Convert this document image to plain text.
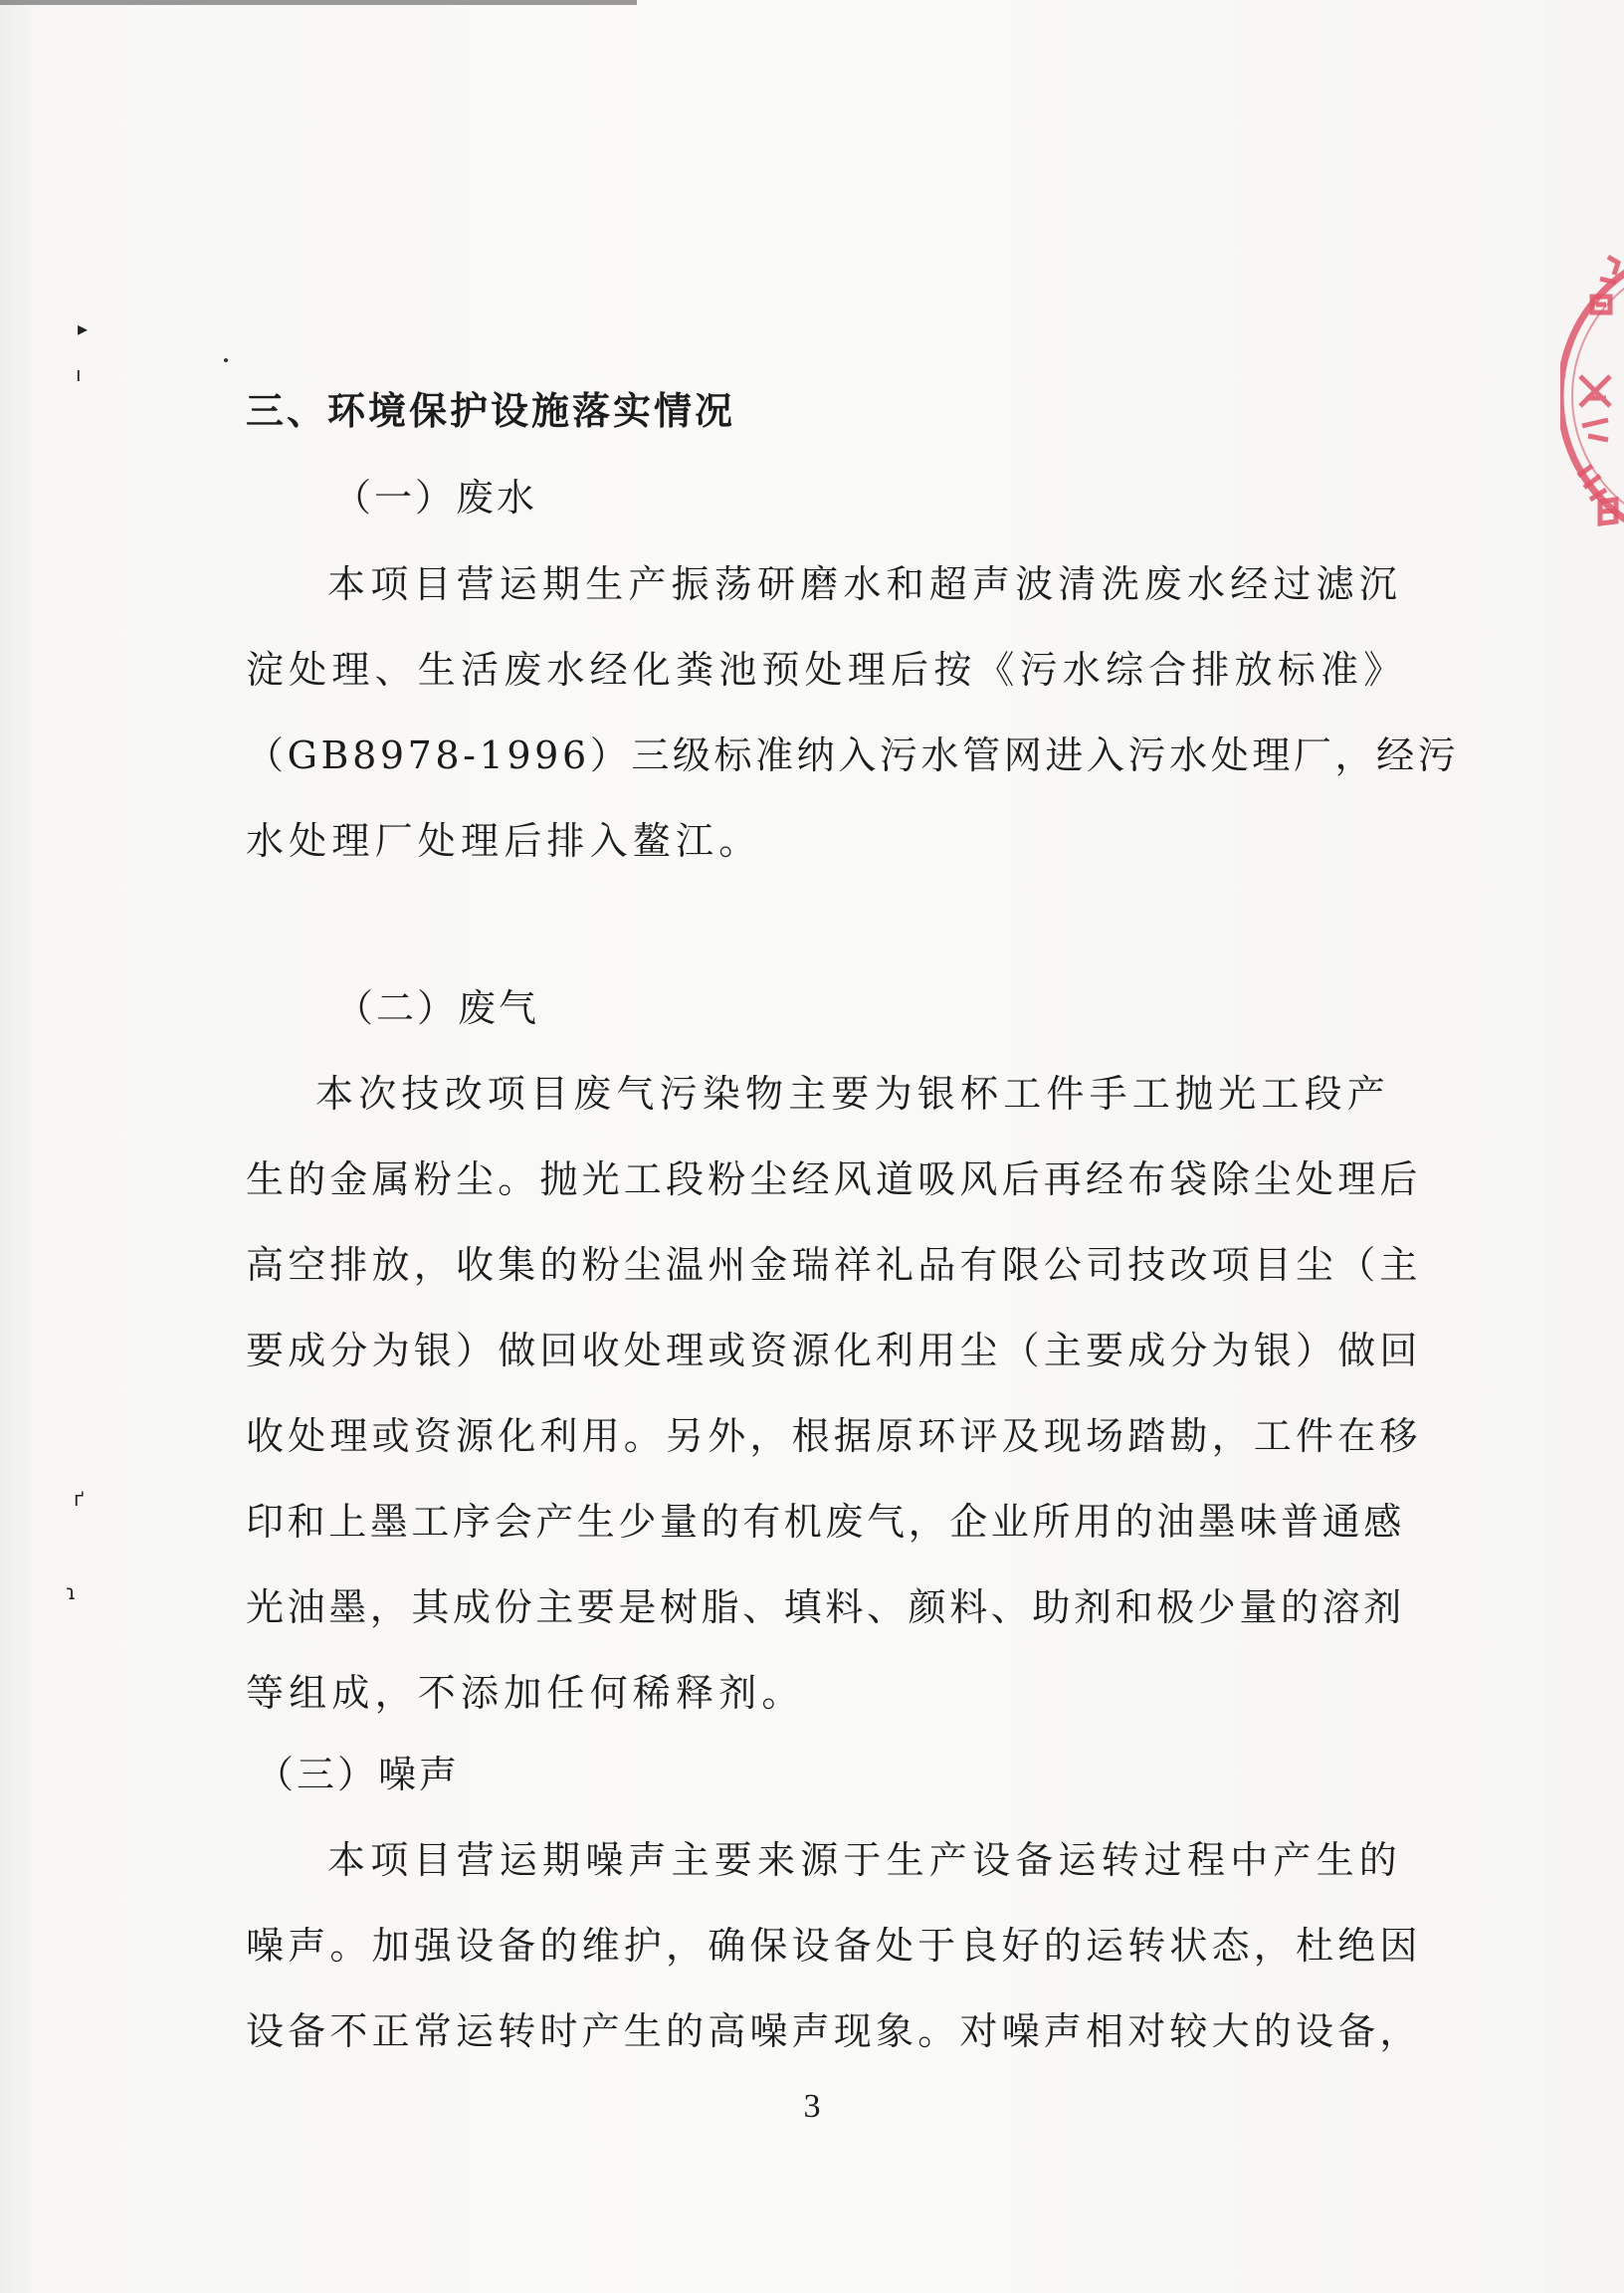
▸
ı
ґ
ɿ
三、环境保护设施落实情况
（一）废水
本项目营运期生产振荡研磨水和超声波清洗废水经过滤沉
淀处理、生活废水经化粪池预处理后按《污水综合排放标准》
（GB8978-1996）三级标准纳入污水管网进入污水处理厂，经污
水处理厂处理后排入鳌江。
（二）废气
本次技改项目废气污染物主要为银杯工件手工抛光工段产
生的金属粉尘。抛光工段粉尘经风道吸风后再经布袋除尘处理后
高空排放，收集的粉尘温州金瑞祥礼品有限公司技改项目尘（主
要成分为银）做回收处理或资源化利用尘（主要成分为银）做回
收处理或资源化利用。另外，根据原环评及现场踏勘，工件在移
印和上墨工序会产生少量的有机废气，企业所用的油墨味普通感
光油墨，其成份主要是树脂、填料、颜料、助剂和极少量的溶剂
等组成，不添加任何稀释剂。
（三）噪声
本项目营运期噪声主要来源于生产设备运转过程中产生的
噪声。加强设备的维护，确保设备处于良好的运转状态，杜绝因
设备不正常运转时产生的高噪声现象。对噪声相对较大的设备，
3
